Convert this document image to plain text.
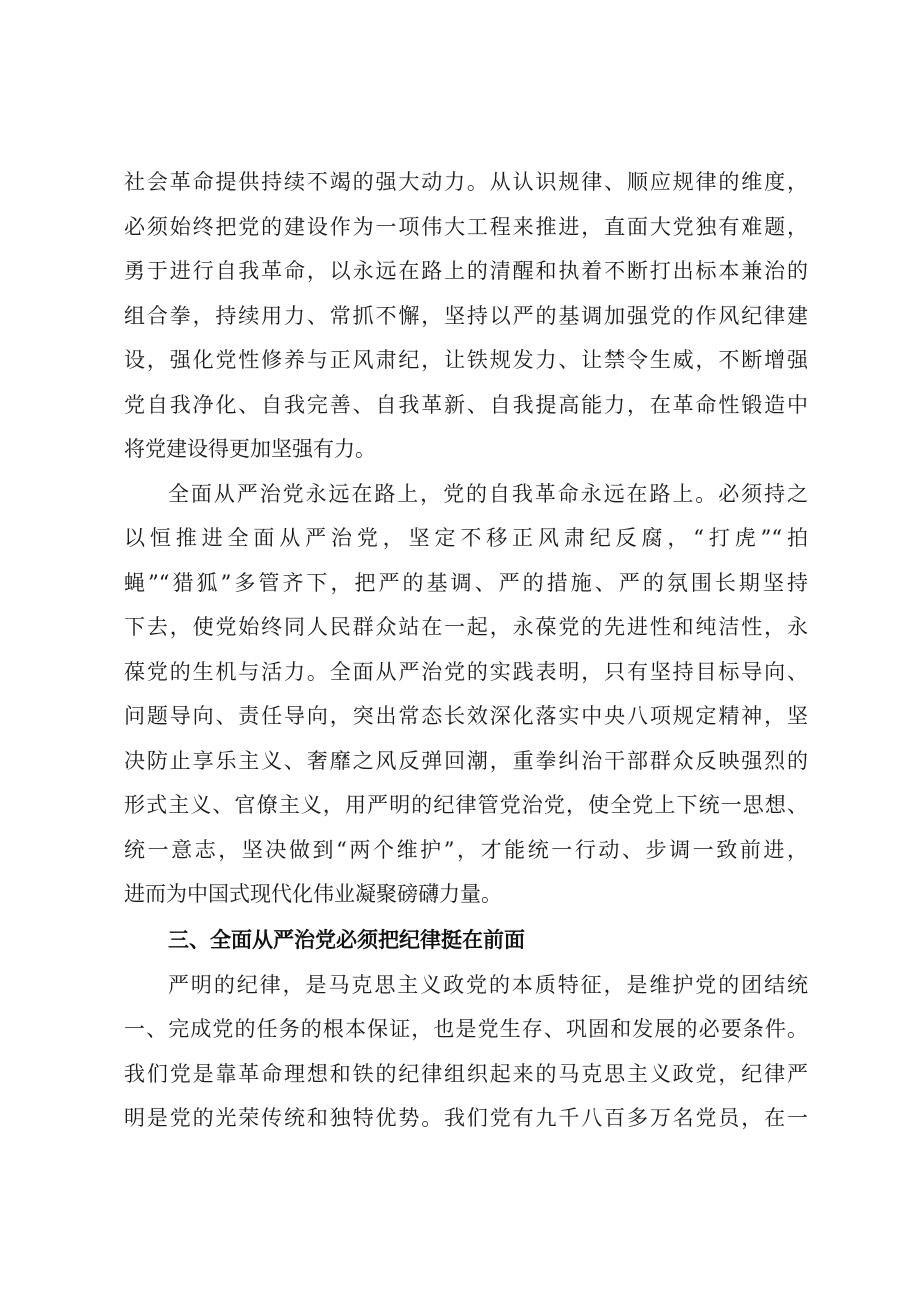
社会革命提供持续不竭的强大动力。从认识规律、顺应规律的维度，
必须始终把党的建设作为一项伟大工程来推进，直面大党独有难题，
勇于进行自我革命，以永远在路上的清醒和执着不断打出标本兼治的
组合拳，持续用力、常抓不懈，坚持以严的基调加强党的作风纪律建
设，强化党性修养与正风肃纪，让铁规发力、让禁令生威，不断增强
党自我净化、自我完善、自我革新、自我提高能力，在革命性锻造中
将党建设得更加坚强有力。
全面从严治党永远在路上，党的自我革命永远在路上。必须持之
以恒推进全面从严治党，坚定不移正风肃纪反腐，“打虎”“拍
蝇”“猎狐”多管齐下，把严的基调、严的措施、严的氛围长期坚持
下去，使党始终同人民群众站在一起，永葆党的先进性和纯洁性，永
葆党的生机与活力。全面从严治党的实践表明，只有坚持目标导向、
问题导向、责任导向，突出常态长效深化落实中央八项规定精神，坚
决防止享乐主义、奢靡之风反弹回潮，重拳纠治干部群众反映强烈的
形式主义、官僚主义，用严明的纪律管党治党，使全党上下统一思想、
统一意志，坚决做到“两个维护”，才能统一行动、步调一致前进，
进而为中国式现代化伟业凝聚磅礴力量。
三、全面从严治党必须把纪律挺在前面
严明的纪律，是马克思主义政党的本质特征，是维护党的团结统
一、完成党的任务的根本保证，也是党生存、巩固和发展的必要条件。
我们党是靠革命理想和铁的纪律组织起来的马克思主义政党，纪律严
明是党的光荣传统和独特优势。我们党有九千八百多万名党员，在一
